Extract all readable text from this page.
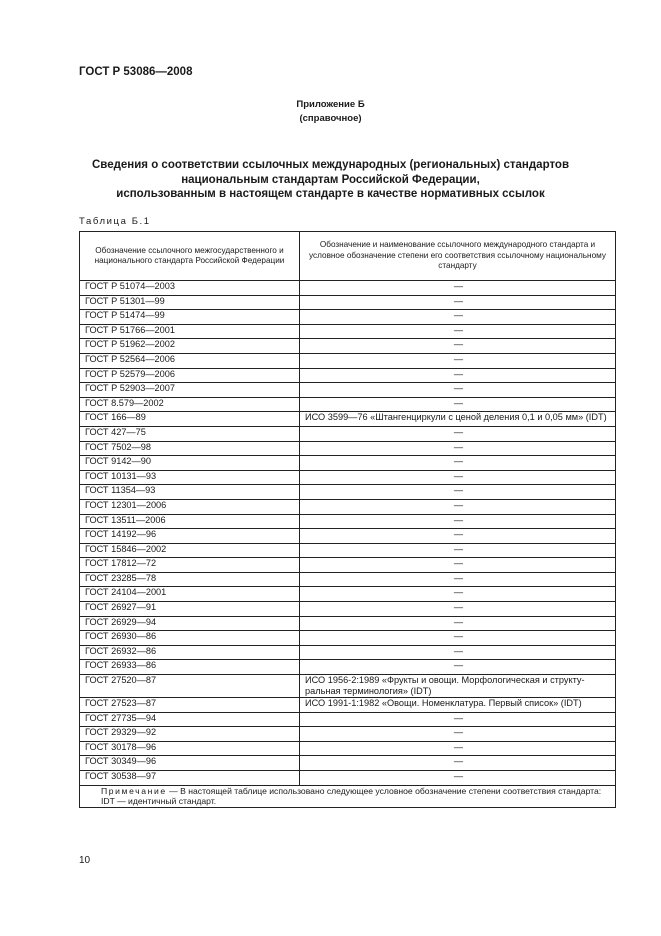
ГОСТ Р 53086—2008
Приложение Б
(справочное)
Сведения о соответствии ссылочных международных (региональных) стандартов
национальным стандартам Российской Федерации,
использованным в настоящем стандарте в качестве нормативных ссылок
Таблица Б.1
Обозначение ссылочного межгосударственного и национального стандарта Российской Федерации	Обозначение и наименование ссылочного международного стандарта и условное обозначение степени его соответствия ссылочному национальному стандарту
ГОСТ Р 51074—2003	—
ГОСТ Р 51301—99	—
ГОСТ Р 51474—99	—
ГОСТ Р 51766—2001	—
ГОСТ Р 51962—2002	—
ГОСТ Р 52564—2006	—
ГОСТ Р 52579—2006	—
ГОСТ Р 52903—2007	—
ГОСТ 8.579—2002	—
ГОСТ 166—89	ИСО 3599—76 «Штангенциркули с ценой деления 0,1 и 0,05 мм» (IDT)
ГОСТ 427—75	—
ГОСТ 7502—98	—
ГОСТ 9142—90	—
ГОСТ 10131—93	—
ГОСТ 11354—93	—
ГОСТ 12301—2006	—
ГОСТ 13511—2006	—
ГОСТ 14192—96	—
ГОСТ 15846—2002	—
ГОСТ 17812—72	—
ГОСТ 23285—78	—
ГОСТ 24104—2001	—
ГОСТ 26927—91	—
ГОСТ 26929—94	—
ГОСТ 26930—86	—
ГОСТ 26932—86	—
ГОСТ 26933—86	—
ГОСТ 27520—87	ИСО 1956-2:1989 «Фрукты и овощи. Морфологическая и структу-ральная терминология» (IDT)
ГОСТ 27523—87	ИСО 1991-1:1982 «Овощи. Номенклатура. Первый список» (IDT)
ГОСТ 27735—94	—
ГОСТ 29329—92	—
ГОСТ 30178—96	—
ГОСТ 30349—96	—
ГОСТ 30538—97	—

Примечание — В настоящей таблице использовано следующее условное обозначение степени соответствия стандарта:
IDT — идентичный стандарт.	
10
